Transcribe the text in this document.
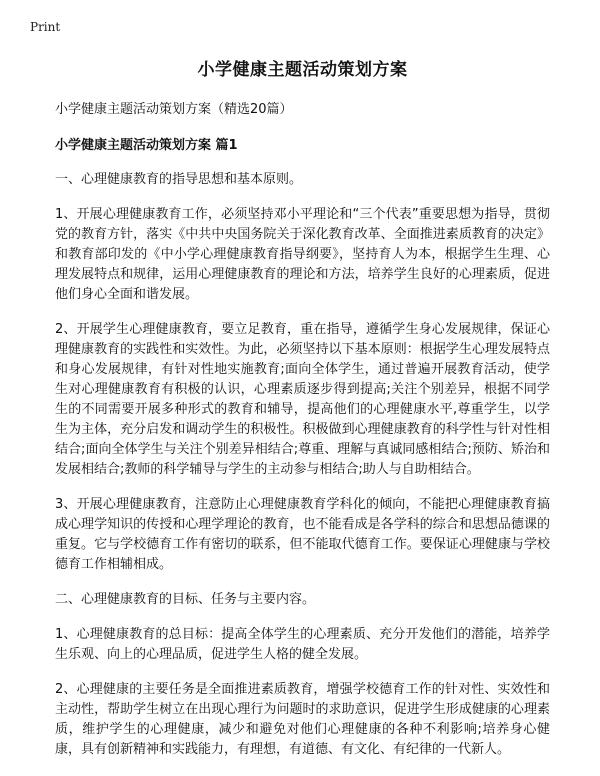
Print
小学健康主题活动策划方案
小学健康主题活动策划方案（精选20篇）
小学健康主题活动策划方案 篇1

一、心理健康教育的指导思想和基本原则。

1、开展心理健康教育工作，必须坚持邓小平理论和“三个代表”重要思想为指导，贯彻党的教育方针，落实《中共中央国务院关于深化教育改革、全面推进素质教育的决定》和教育部印发的《中小学心理健康教育指导纲要》，坚持育人为本，根据学生生理、心理发展特点和规律，运用心理健康教育的理论和方法，培养学生良好的心理素质，促进他们身心全面和谐发展。

2、开展学生心理健康教育，要立足教育，重在指导，遵循学生身心发展规律，保证心理健康教育的实践性和实效性。为此，必须坚持以下基本原则：根据学生心理发展特点和身心发展规律，有针对性地实施教育;面向全体学生，通过普遍开展教育活动，使学生对心理健康教育有积极的认识，心理素质逐步得到提高;关注个别差异，根据不同学生的不同需要开展多种形式的教育和辅导，提高他们的心理健康水平,尊重学生，以学生为主体，充分启发和调动学生的积极性。积极做到心理健康教育的科学性与针对性相结合;面向全体学生与关注个别差异相结合;尊重、理解与真诚同感相结合;预防、矫治和发展相结合;教师的科学辅导与学生的主动参与相结合;助人与自助相结合。

3、开展心理健康教育，注意防止心理健康教育学科化的倾向，不能把心理健康教育搞成心理学知识的传授和心理学理论的教育，也不能看成是各学科的综合和思想品德课的重复。它与学校德育工作有密切的联系，但不能取代德育工作。要保证心理健康与学校德育工作相辅相成。

二、心理健康教育的目标、任务与主要内容。

1、心理健康教育的总目标：提高全体学生的心理素质、充分开发他们的潜能，培养学生乐观、向上的心理品质，促进学生人格的健全发展。

2、心理健康的主要任务是全面推进素质教育，增强学校德育工作的针对性、实效性和主动性，帮助学生树立在出现心理行为问题时的求助意识，促进学生形成健康的心理素质，维护学生的心理健康，减少和避免对他们心理健康的各种不利影响;培养身心健康，具有创新精神和实践能力，有理想，有道德、有文化、有纪律的一代新人。
